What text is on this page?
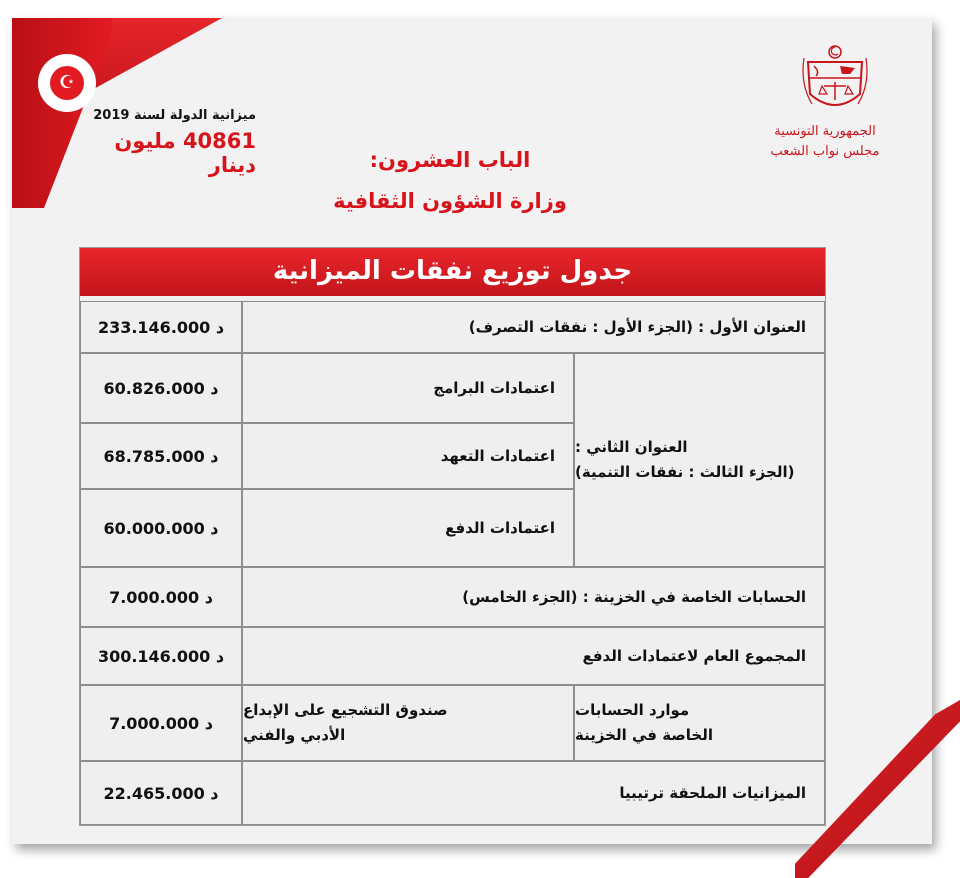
☪
ميزانية الدولة لسنة 2019
40861 مليون دينار
الجمهورية التونسية
مجلس نواب الشعب
الباب العشرون:
وزارة الشؤون الثقافية
جدول توزيع نفقات الميزانية
العنوان الأول : (الجزء الأول : نفقات التصرف)
233.146.000 د
العنوان الثاني :
(الجزء الثالث : نفقات التنمية)
اعتمادات البرامج
60.826.000 د
اعتمادات التعهد
68.785.000 د
اعتمادات الدفع
60.000.000 د
الحسابات الخاصة في الخزينة : (الجزء الخامس)
7.000.000 د
المجموع العام لاعتمادات الدفع
300.146.000 د
موارد الحسابات
الخاصة في الخزينة
صندوق التشجيع على الإبداع
الأدبي والفني
7.000.000 د
الميزانيات الملحقة ترتيبيا
22.465.000 د
